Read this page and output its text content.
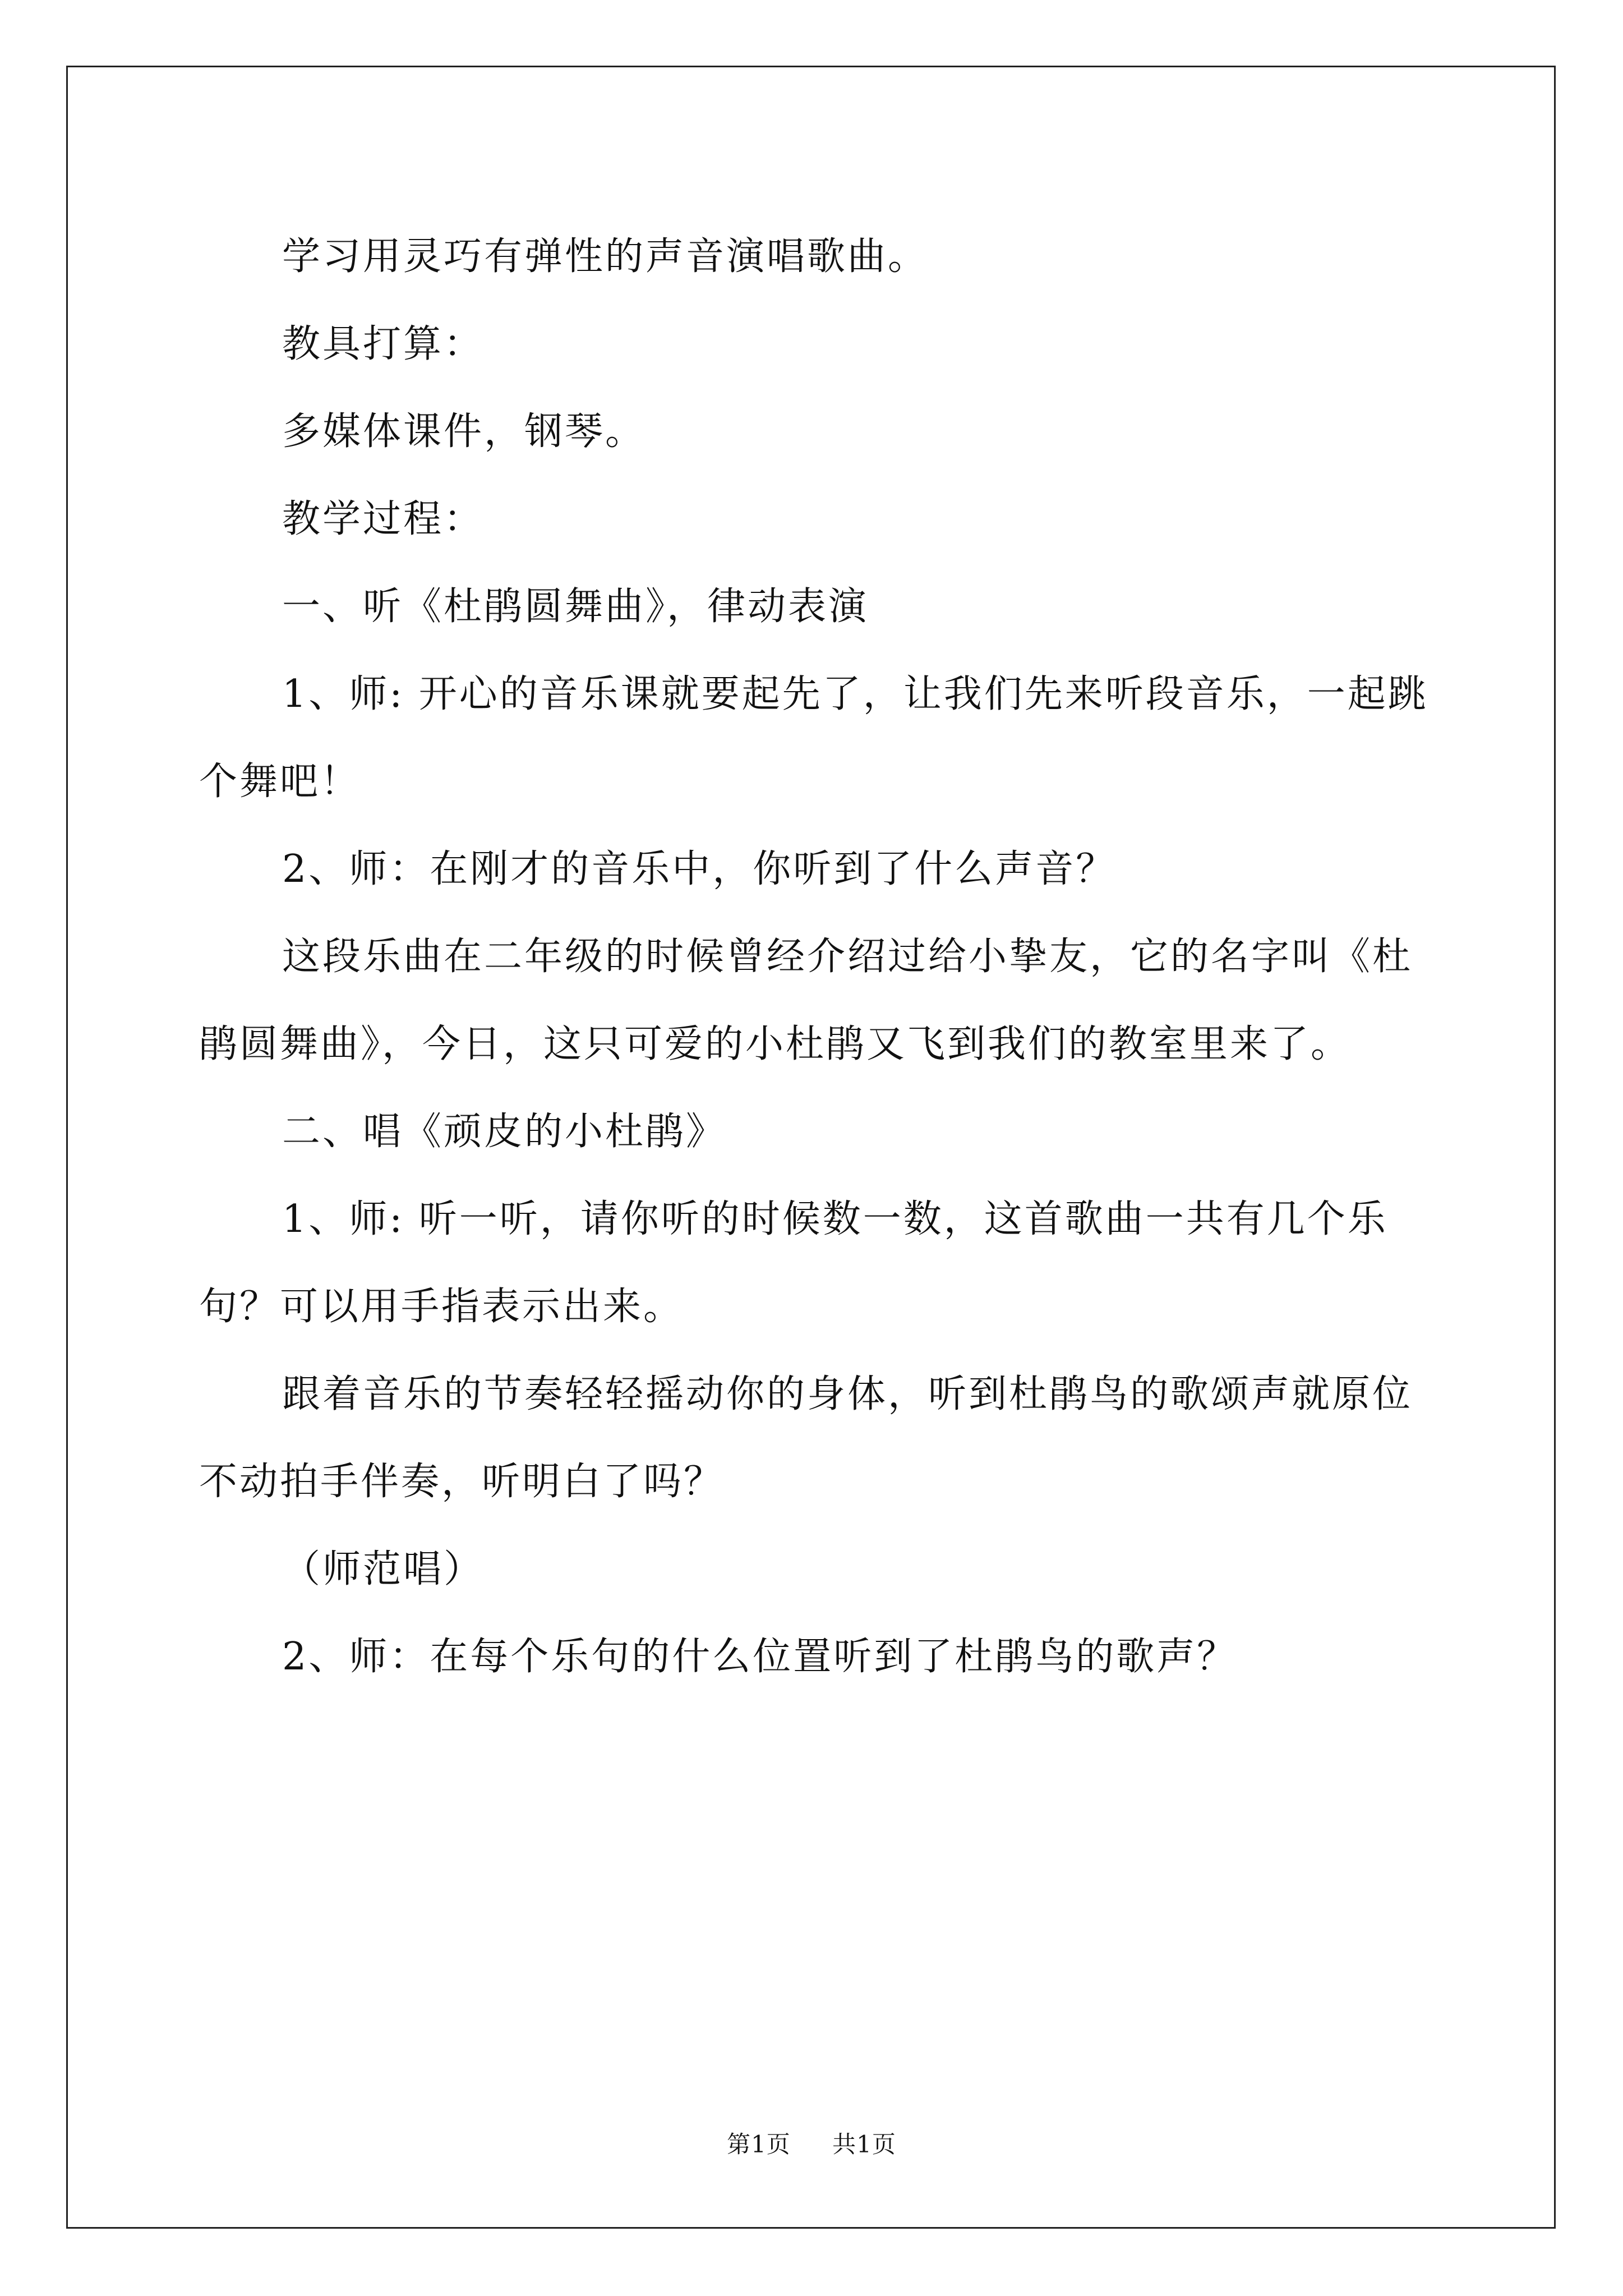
学习用灵巧有弹性的声音演唱歌曲。

教具打算：

多媒体课件，钢琴。

教学过程：

一、听《杜鹃圆舞曲》，律动表演

1、师: 开心的音乐课就要起先了，让我们先来听段音乐，一起跳个舞吧！

2、师：在刚才的音乐中，你听到了什么声音？

这段乐曲在二年级的时候曾经介绍过给小挚友，它的名字叫《杜鹃圆舞曲》，今日，这只可爱的小杜鹃又飞到我们的教室里来了。

二、唱《顽皮的小杜鹃》

1、师: 听一听，请你听的时候数一数，这首歌曲一共有几个乐句？可以用手指表示出来。

跟着音乐的节奏轻轻摇动你的身体，听到杜鹃鸟的歌颂声就原位不动拍手伴奏，听明白了吗？

（师范唱）

2、师：在每个乐句的什么位置听到了杜鹃鸟的歌声？

第1页 共1页
